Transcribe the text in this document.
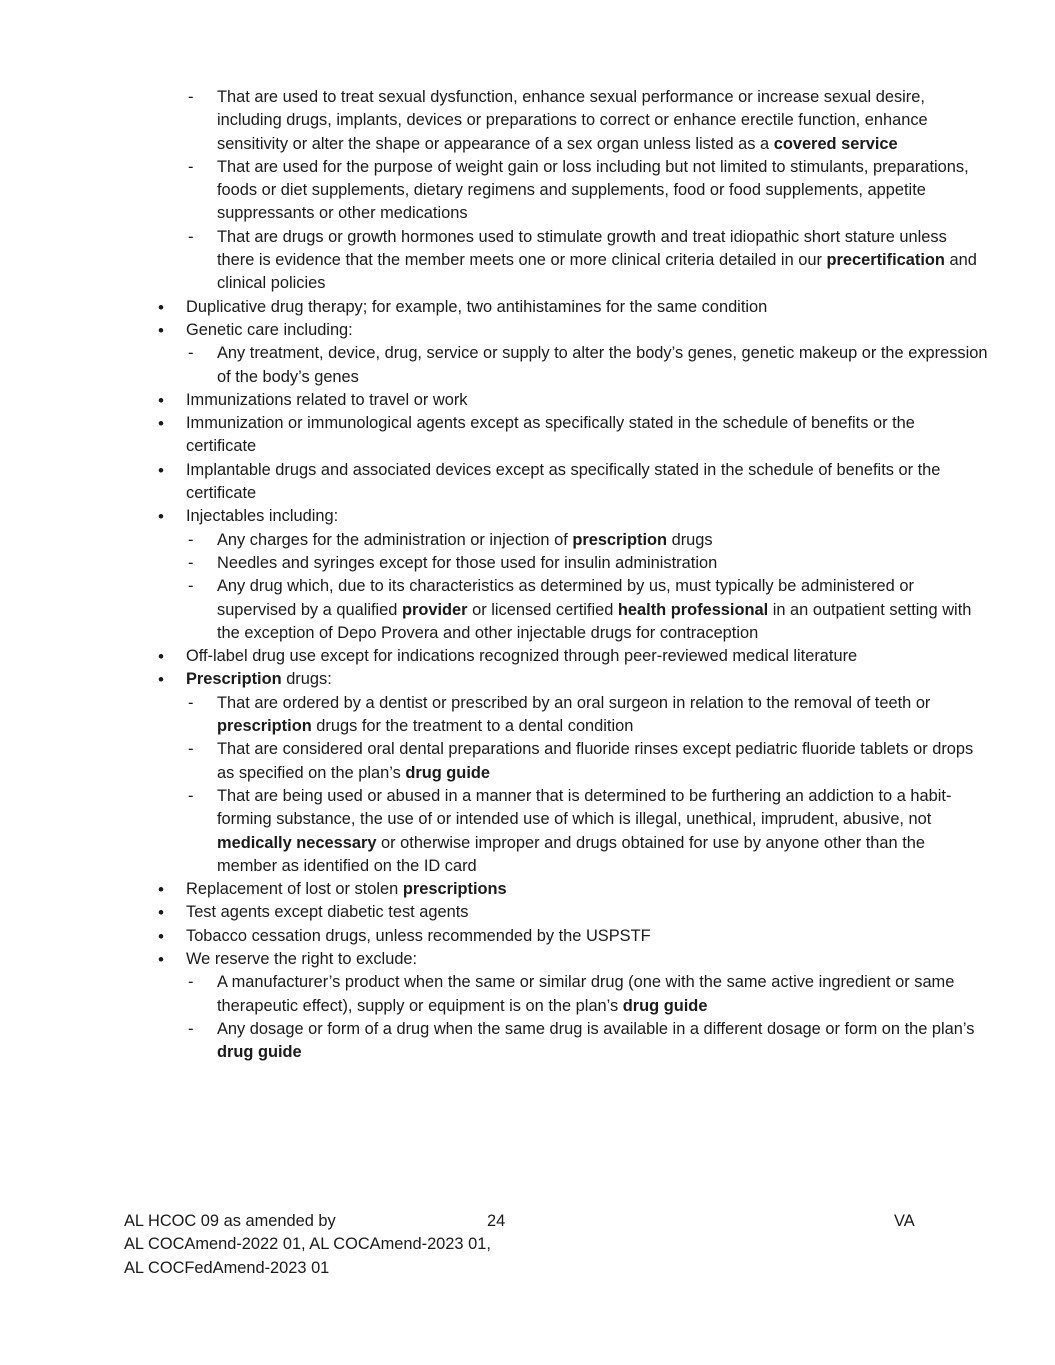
- That are used to treat sexual dysfunction, enhance sexual performance or increase sexual desire, including drugs, implants, devices or preparations to correct or enhance erectile function, enhance sensitivity or alter the shape or appearance of a sex organ unless listed as a covered service
- That are used for the purpose of weight gain or loss including but not limited to stimulants, preparations, foods or diet supplements, dietary regimens and supplements, food or food supplements, appetite suppressants or other medications
- That are drugs or growth hormones used to stimulate growth and treat idiopathic short stature unless there is evidence that the member meets one or more clinical criteria detailed in our precertification and clinical policies
• Duplicative drug therapy; for example, two antihistamines for the same condition
• Genetic care including:
- Any treatment, device, drug, service or supply to alter the body’s genes, genetic makeup or the expression of the body’s genes
• Immunizations related to travel or work
• Immunization or immunological agents except as specifically stated in the schedule of benefits or the certificate
• Implantable drugs and associated devices except as specifically stated in the schedule of benefits or the certificate
• Injectables including:
- Any charges for the administration or injection of prescription drugs
- Needles and syringes except for those used for insulin administration
- Any drug which, due to its characteristics as determined by us, must typically be administered or supervised by a qualified provider or licensed certified health professional in an outpatient setting with the exception of Depo Provera and other injectable drugs for contraception
• Off-label drug use except for indications recognized through peer-reviewed medical literature
• Prescription drugs:
- That are ordered by a dentist or prescribed by an oral surgeon in relation to the removal of teeth or prescription drugs for the treatment to a dental condition
- That are considered oral dental preparations and fluoride rinses except pediatric fluoride tablets or drops as specified on the plan’s drug guide
- That are being used or abused in a manner that is determined to be furthering an addiction to a habit-forming substance, the use of or intended use of which is illegal, unethical, imprudent, abusive, not medically necessary or otherwise improper and drugs obtained for use by anyone other than the member as identified on the ID card
• Replacement of lost or stolen prescriptions
• Test agents except diabetic test agents
• Tobacco cessation drugs, unless recommended by the USPSTF
• We reserve the right to exclude:
- A manufacturer’s product when the same or similar drug (one with the same active ingredient or same therapeutic effect), supply or equipment is on the plan’s drug guide
- Any dosage or form of a drug when the same drug is available in a different dosage or form on the plan’s drug guide
AL HCOC 09 as amended by
AL COCAmend-2022 01, AL COCAmend-2023 01,
AL COCFedAmend-2023 01
24	VA
